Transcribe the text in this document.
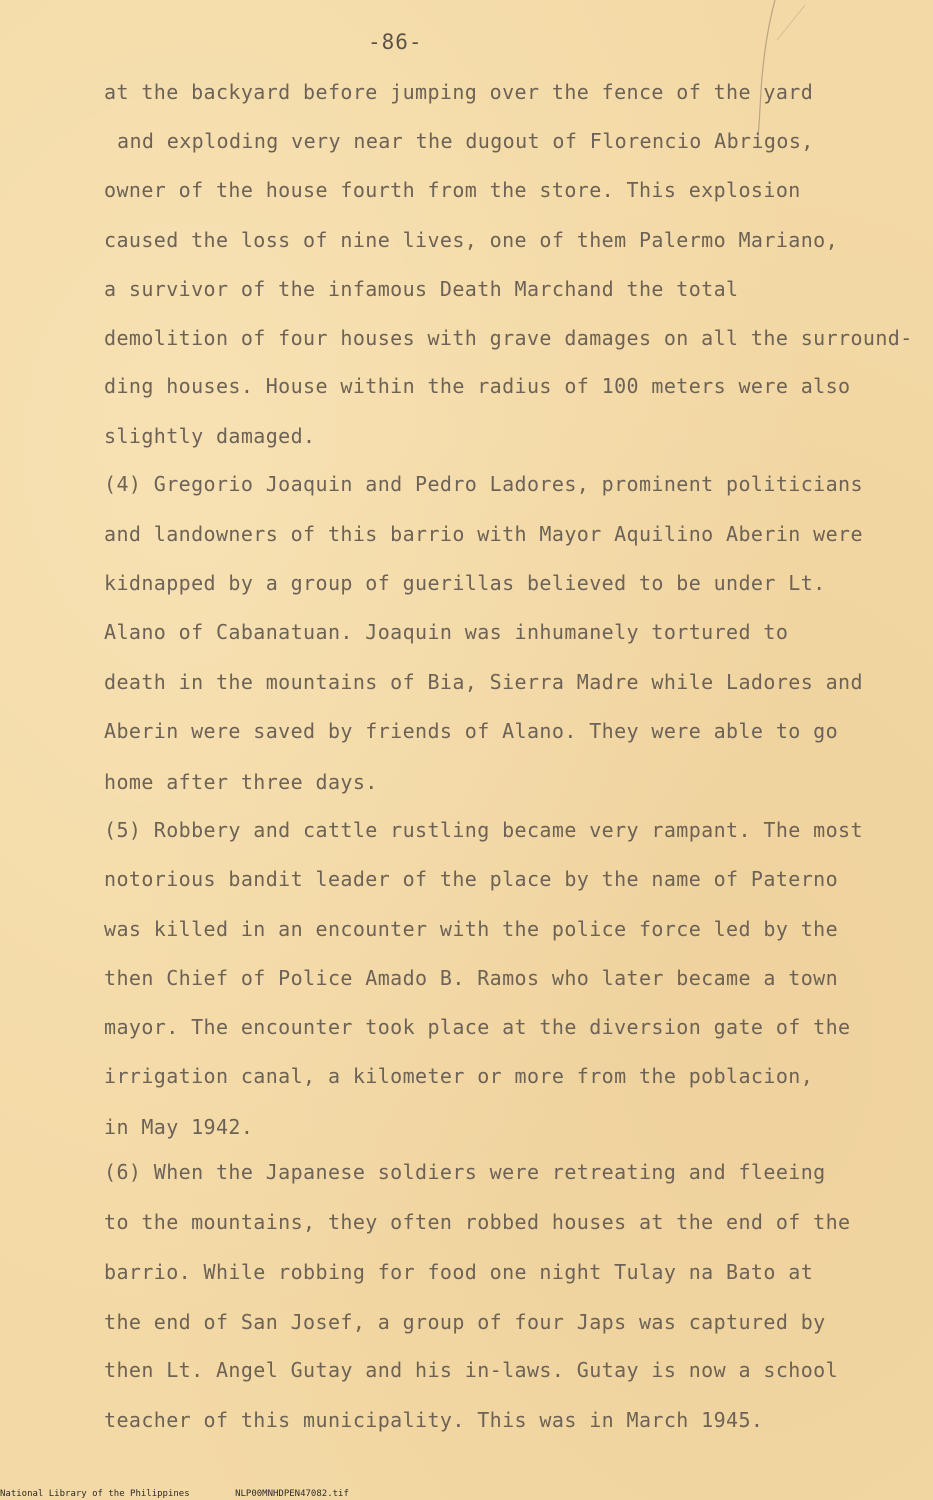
-86-
at the backyard before jumping over the fence of the yard
and exploding very near the dugout of Florencio Abrigos,
owner of the house fourth from the store. This explosion
caused the loss of nine lives, one of them Palermo Mariano,
a survivor of the infamous Death Marchand the total
demolition of four houses with grave damages on all the surround-
ding houses. House within the radius of 100 meters were also
slightly damaged.
(4) Gregorio Joaquin and Pedro Ladores, prominent politicians
and landowners of this barrio with Mayor Aquilino Aberin were
kidnapped by a group of guerillas believed to be under Lt.
Alano of Cabanatuan. Joaquin was inhumanely tortured to
death in the mountains of Bia, Sierra Madre while Ladores and
Aberin were saved by friends of Alano. They were able to go
home after three days.
(5) Robbery and cattle rustling became very rampant. The most
notorious bandit leader of the place by the name of Paterno
was killed in an encounter with the police force led by the
then Chief of Police Amado B. Ramos who later became a town
mayor. The encounter took place at the diversion gate of the
irrigation canal, a kilometer or more from the poblacion,
in May 1942.
(6) When the Japanese soldiers were retreating and fleeing
to the mountains, they often robbed houses at the end of the
barrio. While robbing for food one night Tulay na Bato at
the end of San Josef, a group of four Japs was captured by
then Lt. Angel Gutay and his in-laws. Gutay is now a school
teacher of this municipality. This was in March 1945.
National Library of the Philippines	NLP00MNHDPEN47082.tif
